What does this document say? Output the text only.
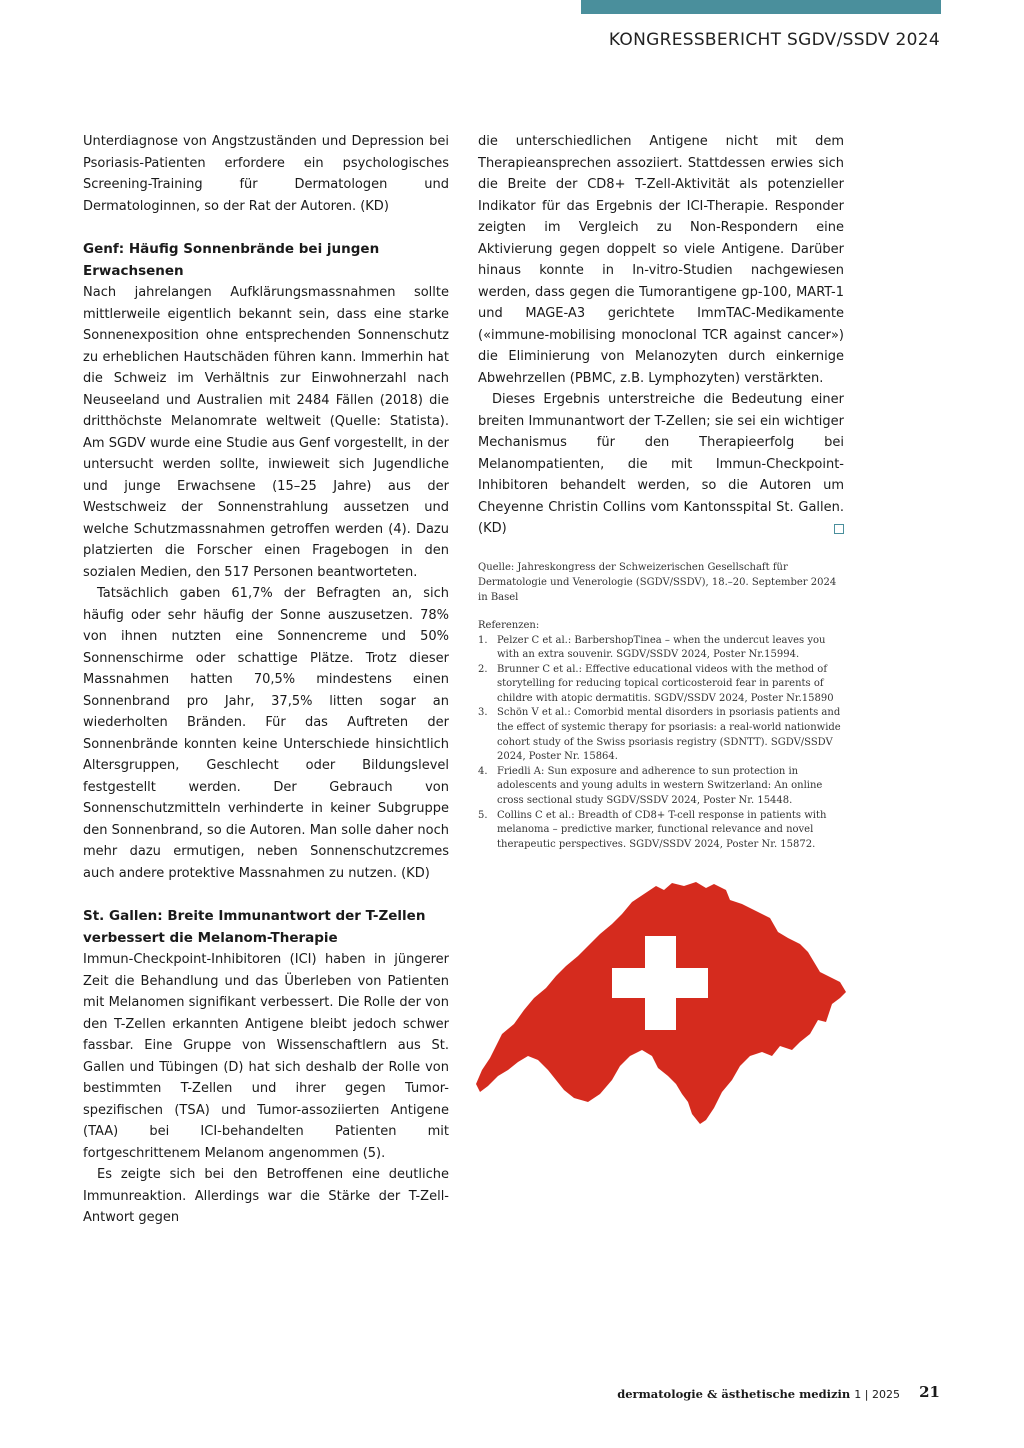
KONGRESSBERICHT SGDV/SSDV 2024

Unterdiagnose von Angstzuständen und Depression bei Psoriasis-Patienten erfordere ein psychologisches Screening-Training für Dermatologen und Dermatologinnen, so der Rat der Autoren. (KD)

Genf: Häufig Sonnenbrände bei jungen Erwachsenen

Nach jahrelangen Aufklärungsmassnahmen sollte mittlerweile eigentlich bekannt sein, dass eine starke Sonnenexposition ohne entsprechenden Sonnenschutz zu erheblichen Hautschäden führen kann. Immerhin hat die Schweiz im Verhältnis zur Einwohnerzahl nach Neuseeland und Australien mit 2484 Fällen (2018) die dritthöchste Melanomrate weltweit (Quelle: Statista). Am SGDV wurde eine Studie aus Genf vorgestellt, in der untersucht werden sollte, inwieweit sich Jugendliche und junge Erwachsene (15–25 Jahre) aus der Westschweiz der Sonnenstrahlung aussetzen und welche Schutzmassnahmen getroffen werden (4). Dazu platzierten die Forscher einen Fragebogen in den sozialen Medien, den 517 Personen beantworteten.

Tatsächlich gaben 61,7% der Befragten an, sich häufig oder sehr häufig der Sonne auszusetzen. 78% von ihnen nutzten eine Sonnencreme und 50% Sonnenschirme oder schattige Plätze. Trotz dieser Massnahmen hatten 70,5% mindestens einen Sonnenbrand pro Jahr, 37,5% litten sogar an wiederholten Bränden. Für das Auftreten der Sonnenbrände konnten keine Unterschiede hinsichtlich Altersgruppen, Geschlecht oder Bildungslevel festgestellt werden. Der Gebrauch von Sonnenschutzmitteln verhinderte in keiner Subgruppe den Sonnenbrand, so die Autoren. Man solle daher noch mehr dazu ermutigen, neben Sonnenschutzcremes auch andere protektive Massnahmen zu nutzen. (KD)

St. Gallen: Breite Immunantwort der T-Zellen verbessert die Melanom-Therapie

Immun-Checkpoint-Inhibitoren (ICI) haben in jüngerer Zeit die Behandlung und das Überleben von Patienten mit Melanomen signifikant verbessert. Die Rolle der von den T-Zellen erkannten Antigene bleibt jedoch schwer fassbar. Eine Gruppe von Wissenschaftlern aus St. Gallen und Tübingen (D) hat sich deshalb der Rolle von bestimmten T-Zellen und ihrer gegen Tumor-spezifischen (TSA) und Tumor-assoziierten Antigene (TAA) bei ICI-behandelten Patienten mit fortgeschrittenem Melanom angenommen (5).

Es zeigte sich bei den Betroffenen eine deutliche Immunreaktion. Allerdings war die Stärke der T-Zell-Antwort gegen

die unterschiedlichen Antigene nicht mit dem Therapieansprechen assoziiert. Stattdessen erwies sich die Breite der CD8+ T-Zell-Aktivität als potenzieller Indikator für das Ergebnis der ICI-Therapie. Responder zeigten im Vergleich zu Non-Respondern eine Aktivierung gegen doppelt so viele Antigene. Darüber hinaus konnte in In-vitro-Studien nachgewiesen werden, dass gegen die Tumorantigene gp-100, MART-1 und MAGE-A3 gerichtete ImmTAC-Medikamente («immune-mobilising monoclonal TCR against cancer») die Eliminierung von Melanozyten durch einkernige Abwehrzellen (PBMC, z.B. Lymphozyten) verstärkten.

Dieses Ergebnis unterstreiche die Bedeutung einer breiten Immunantwort der T-Zellen; sie sei ein wichtiger Mechanismus für den Therapieerfolg bei Melanompatienten, die mit Immun-Checkpoint-Inhibitoren behandelt werden, so die Autoren um Cheyenne Christin Collins vom Kantonsspital St. Gallen. (KD)

Quelle: Jahreskongress der Schweizerischen Gesellschaft für Dermatologie und Venerologie (SGDV/SSDV), 18.–20. September 2024 in Basel

Referenzen:

1. Pelzer C et al.: BarbershopTinea – when the undercut leaves you with an extra souvenir. SGDV/SSDV 2024, Poster Nr.15994.
2. Brunner C et al.: Effective educational videos with the method of storytelling for reducing topical corticosteroid fear in parents of childre with atopic dermatitis. SGDV/SSDV 2024, Poster Nr.15890
3. Schön V et al.: Comorbid mental disorders in psoriasis patients and the effect of systemic therapy for psoriasis: a real-world nationwide cohort study of the Swiss psoriasis registry (SDNTT). SGDV/SSDV 2024, Poster Nr. 15864.
4. Friedli A: Sun exposure and adherence to sun protection in adolescents and young adults in western Switzerland: An online cross sectional study SGDV/SSDV 2024, Poster Nr. 15448.
5. Collins C et al.: Breadth of CD8+ T-cell response in patients with melanoma – predictive marker, functional relevance and novel therapeutic perspectives. SGDV/SSDV 2024, Poster Nr. 15872.
dermatologie & ästhetische medizin 1 | 2025 21
